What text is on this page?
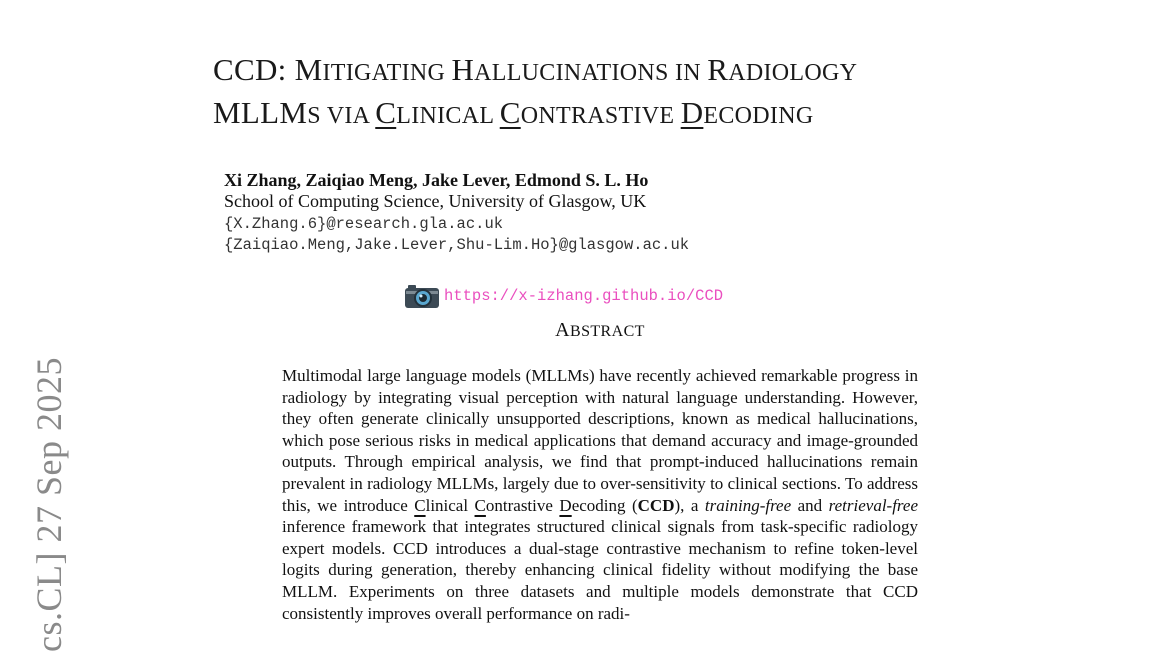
cs.CL] 27 Sep 2025
CCD: MITIGATING HALLUCINATIONS IN RADIOLOGY
MLLMS VIA CLINICAL CONTRASTIVE DECODING
Xi Zhang, Zaiqiao Meng, Jake Lever, Edmond S. L. Ho
School of Computing Science, University of Glasgow, UK
{X.Zhang.6}@research.gla.ac.uk
{Zaiqiao.Meng,Jake.Lever,Shu-Lim.Ho}@glasgow.ac.uk
https://x-izhang.github.io/CCD
ABSTRACT
Multimodal large language models (MLLMs) have recently achieved remarkable progress in radiology by integrating visual perception with natural language understanding. However, they often generate clinically unsupported descriptions, known as medical hallucinations, which pose serious risks in medical applications that demand accuracy and image-grounded outputs. Through empirical analysis, we find that prompt-induced hallucinations remain prevalent in radiology MLLMs, largely due to over-sensitivity to clinical sections. To address this, we introduce Clinical Contrastive Decoding (CCD), a training-free and retrieval-free inference framework that integrates structured clinical signals from task-specific radiology expert models. CCD introduces a dual-stage contrastive mechanism to refine token-level logits during generation, thereby enhancing clinical fidelity without modifying the base MLLM. Experiments on three datasets and multiple models demonstrate that CCD consistently improves overall performance on radi-
